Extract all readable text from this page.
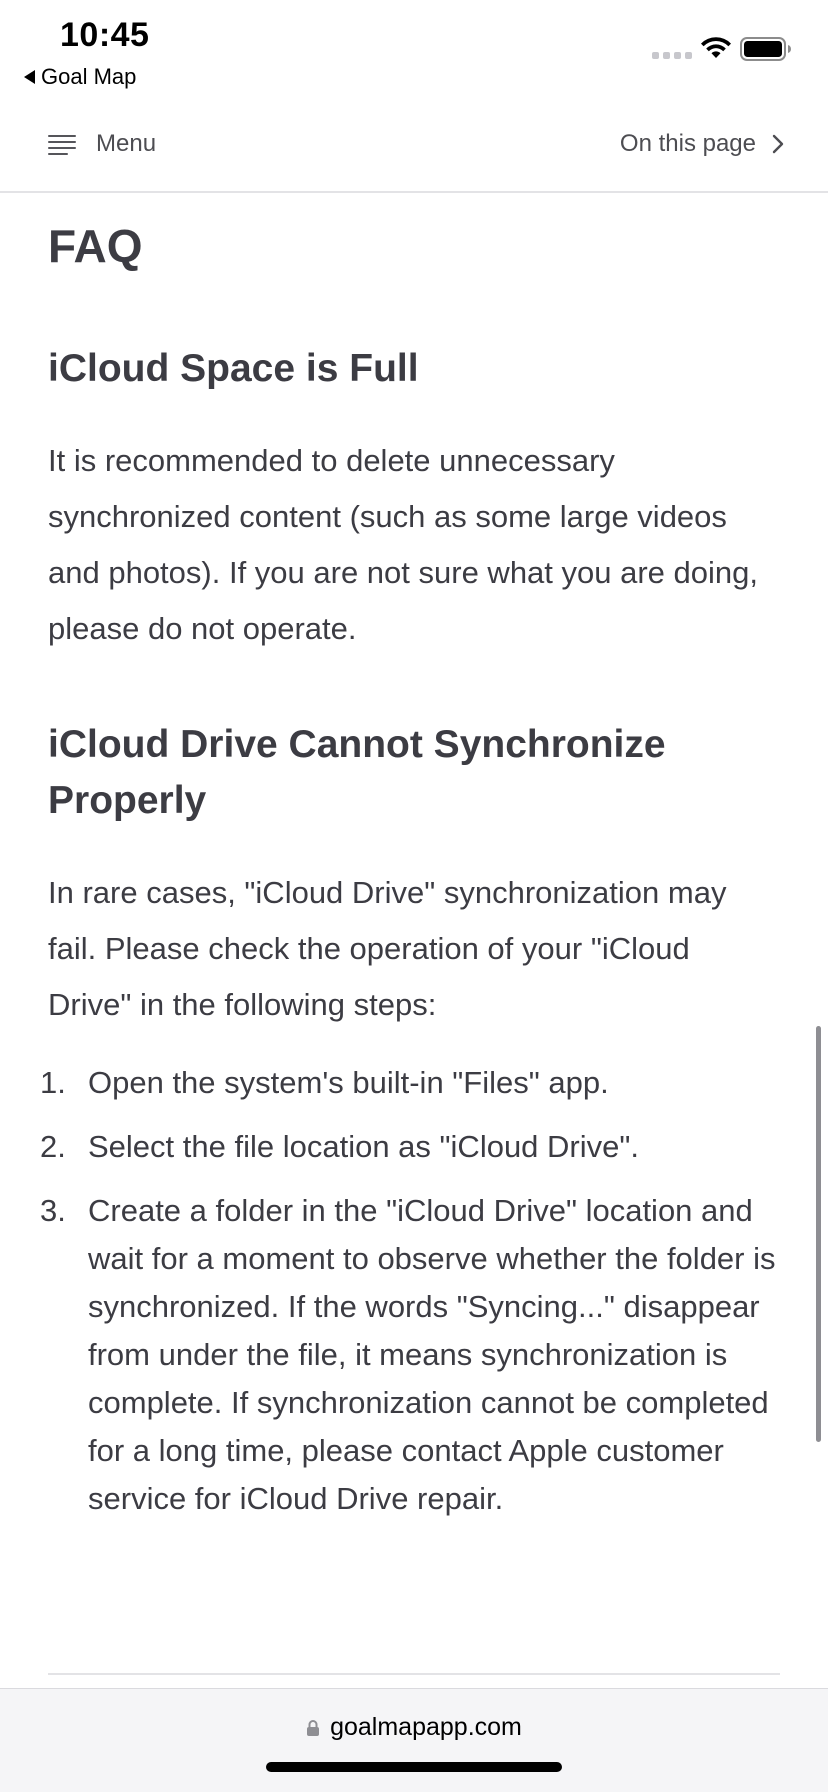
10:45
Goal Map
Menu	On this page
FAQ
iCloud Space is Full

It is recommended to delete unnecessary synchronized content (such as some large videos and photos). If you are not sure what you are doing, please do not operate.

iCloud Drive Cannot Synchronize Properly

In rare cases, "iCloud Drive" synchronization may fail. Please check the operation of your "iCloud Drive" in the following steps:

1. Open the system's built-in "Files" app.
2. Select the file location as "iCloud Drive".
3. Create a folder in the "iCloud Drive" location and wait for a moment to observe whether the folder is synchronized. If the words "Syncing..." disappear from under the file, it means synchronization is complete. If synchronization cannot be completed for a long time, please contact Apple customer service for iCloud Drive repair.
goalmapapp.com
